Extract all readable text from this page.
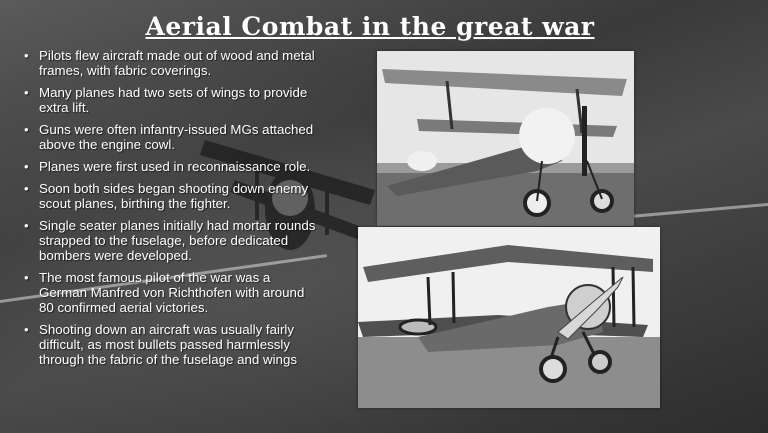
Aerial Combat in the great war
• Pilots flew aircraft made out of wood and metal frames, with fabric coverings.
• Many planes had two sets of wings to provide extra lift.
• Guns were often infantry-issued MGs attached above the engine cowl.
• Planes were first used in reconnaissance role.
• Soon both sides began shooting down enemy scout planes, birthing the fighter.
• Single seater planes initially had mortar rounds strapped to the fuselage, before dedicated bombers were developed.
• The most famous pilot of the war was a German Manfred von Richthofen with around 80 confirmed aerial victories.
• Shooting down an aircraft was usually fairly difficult, as most bullets passed harmlessly through the fabric of the fuselage and wings
